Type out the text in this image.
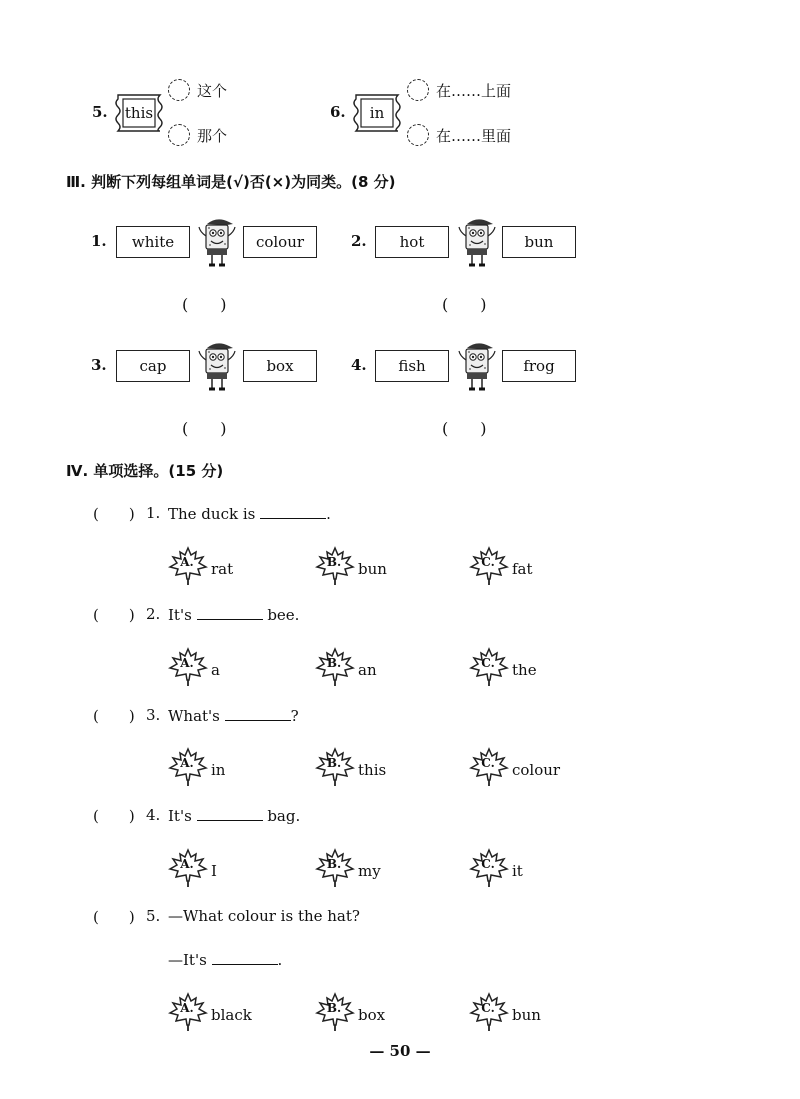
5.	this
这个
那个
6.	in
在……上面
在……里面
Ⅲ. 判断下列每组单词是(√)否(×)为同类。(8 分)
1.	white	colour
(　　)
2.	hot	bun
(　　)
3.	cap	box
(　　)
4.	fish	frog
(　　)
Ⅳ. 单项选择。(15 分)
(　　) 1. The duck is	.
A.	rat	B.	bun	C.	fat
(　　) 2. It's	bee.
A.	a	B.	an	C.	the
(　　) 3. What's	?
A.	in	B.	this	C.	colour
(　　) 4. It's	bag.
A.	I	B.	my	C.	it
(　　) 5. —What colour is the hat?
—It's	.
A.	black	B.	box	C.	bun
— 50 —
